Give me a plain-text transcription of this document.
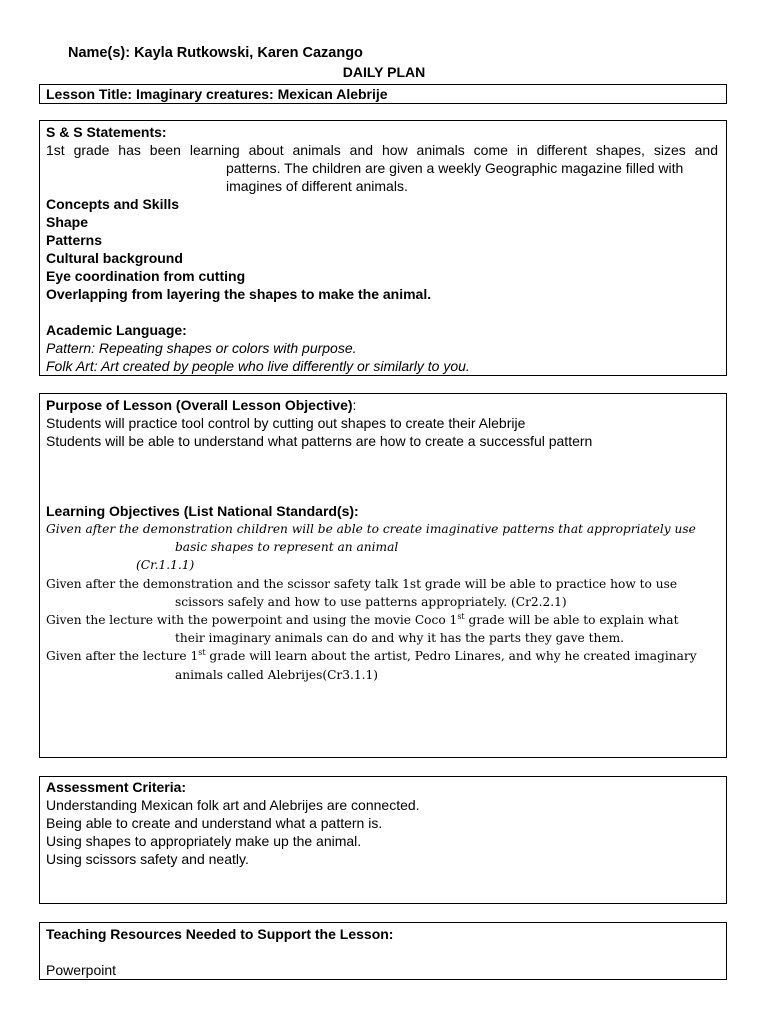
Name(s): Kayla Rutkowski, Karen Cazango
DAILY PLAN
Lesson Title: Imaginary creatures: Mexican Alebrije
S & S Statements:
1st grade has been learning about animals and how animals come in different shapes, sizes and
patterns. The children are given a weekly Geographic magazine filled with
imagines of different animals.
Concepts and Skills
Shape
Patterns
Cultural background
Eye coordination from cutting
Overlapping from layering the shapes to make the animal.

Academic Language:
Pattern: Repeating shapes or colors with purpose.
Folk Art: Art created by people who live differently or similarly to you.
Purpose of Lesson (Overall Lesson Objective):
Students will practice tool control by cutting out shapes to create their Alebrije
Students will be able to understand what patterns are how to create a successful pattern
Learning Objectives (List National Standard(s):
Given after the demonstration children will be able to create imaginative patterns that appropriately use
basic shapes to represent an animal
(Cr.1.1.1)
Given after the demonstration and the scissor safety talk 1st grade will be able to practice how to use
scissors safely and how to use patterns appropriately. (Cr2.2.1)
Given the lecture with the powerpoint and using the movie Coco 1st grade will be able to explain what
their imaginary animals can do and why it has the parts they gave them.
Given after the lecture 1st grade will learn about the artist, Pedro Linares, and why he created imaginary
animals called Alebrijes(Cr3.1.1)
Assessment Criteria:
Understanding Mexican folk art and Alebrijes are connected.
Being able to create and understand what a pattern is.
Using shapes to appropriately make up the animal.
Using scissors safety and neatly.
Teaching Resources Needed to Support the Lesson:

Powerpoint
